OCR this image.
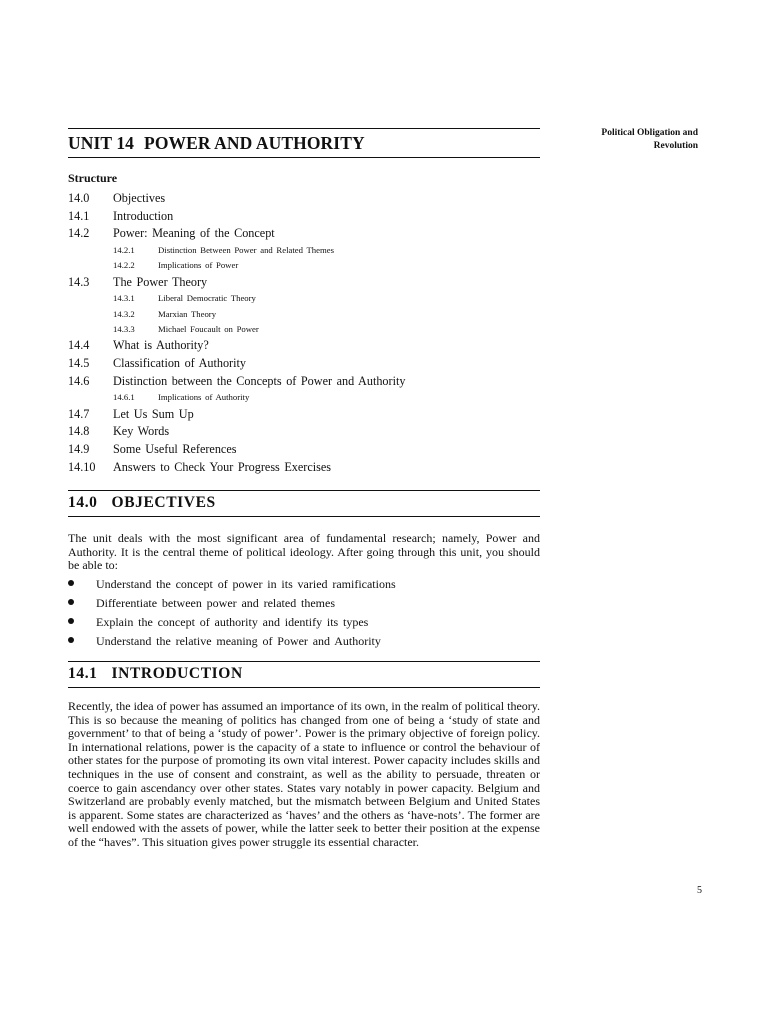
Political Obligation and
Revolution
UNIT 14 POWER AND AUTHORITY
Structure
14.0	Objectives
14.1	Introduction
14.2	Power: Meaning of the Concept
14.2.1	Distinction Between Power and Related Themes
14.2.2	Implications of Power
14.3	The Power Theory
14.3.1	Liberal Democratic Theory
14.3.2	Marxian Theory
14.3.3	Michael Foucault on Power
14.4	What is Authority?
14.5	Classification of Authority
14.6	Distinction between the Concepts of Power and Authority
14.6.1	Implications of Authority
14.7	Let Us Sum Up
14.8	Key Words
14.9	Some Useful References
14.10	Answers to Check Your Progress Exercises
14.0 OBJECTIVES

The unit deals with the most significant area of fundamental research; namely, Power and Authority. It is the central theme of political ideology. After going through this unit, you should be able to:

Understand the concept of power in its varied ramifications
Differentiate between power and related themes
Explain the concept of authority and identify its types
Understand the relative meaning of Power and Authority
14.1 INTRODUCTION

Recently, the idea of power has assumed an importance of its own, in the realm of political theory. This is so because the meaning of politics has changed from one of being a ‘study of state and government’ to that of being a ‘study of power’. Power is the primary objective of foreign policy. In international relations, power is the capacity of a state to influence or control the behaviour of other states for the purpose of promoting its own vital interest. Power capacity includes skills and techniques in the use of consent and constraint, as well as the ability to persuade, threaten or coerce to gain ascendancy over other states. States vary notably in power capacity. Belgium and Switzerland are probably evenly matched, but the mismatch between Belgium and United States is apparent. Some states are characterized as ‘haves’ and the others as ‘have-nots’. The former are well endowed with the assets of power, while the latter seek to better their position at the expense of the “haves”. This situation gives power struggle its essential character.

5
